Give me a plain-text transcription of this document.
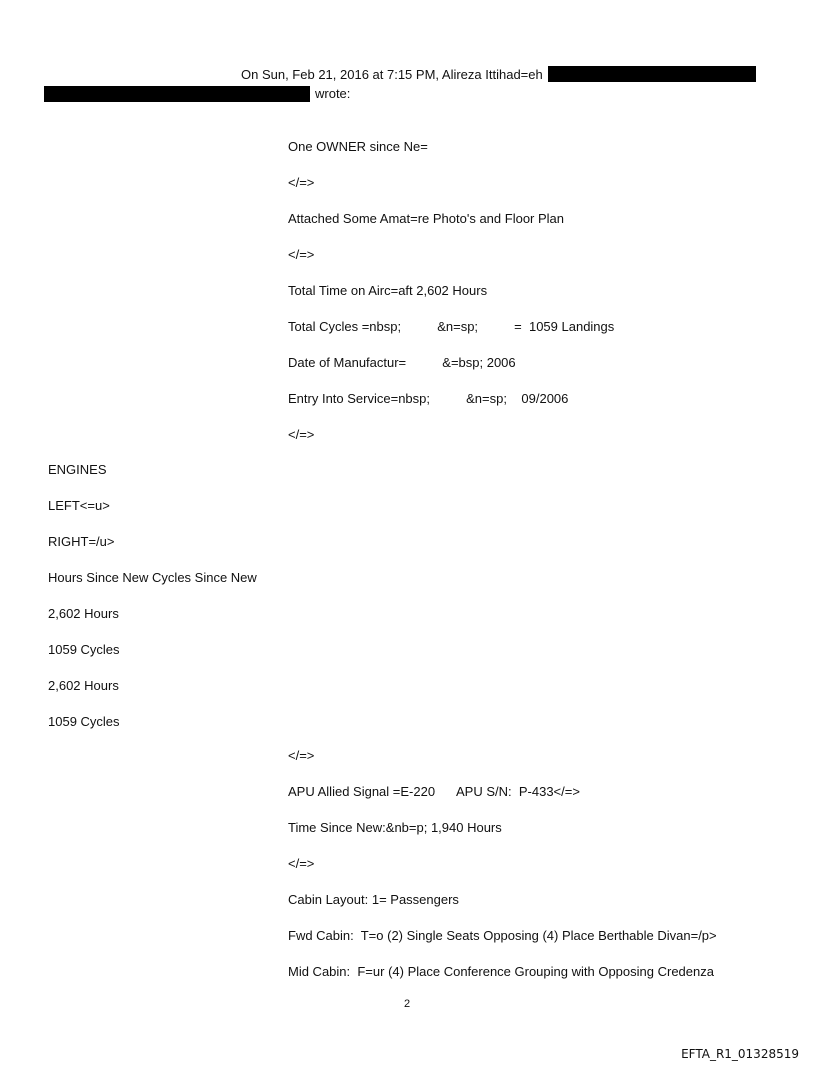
On Sun, Feb 21, 2016 at 7:15 PM, Alireza Ittihad=eh
wrote:
One OWNER since Ne=
</=>
Attached Some Amat=re Photo's and Floor Plan
</=>
Total Time on Airc=aft 2,602 Hours
Total Cycles =nbsp;          &n=sp;          =  1059 Landings
Date of Manufactur=          &=bsp; 2006
Entry Into Service=nbsp;          &n=sp;    09/2006
</=>
ENGINES
LEFT<=u>
RIGHT=/u>
Hours Since New Cycles Since New
2,602 Hours
1059 Cycles
2,602 Hours
1059 Cycles
</=>
APU Allied Signal =E-220      APU S/N:  P-433</=>
Time Since New:&nb=p; 1,940 Hours
</=>
Cabin Layout: 1= Passengers
Fwd Cabin:  T=o (2) Single Seats Opposing (4) Place Berthable Divan=/p>
Mid Cabin:  F=ur (4) Place Conference Grouping with Opposing Credenza
2
EFTA_R1_01328519
